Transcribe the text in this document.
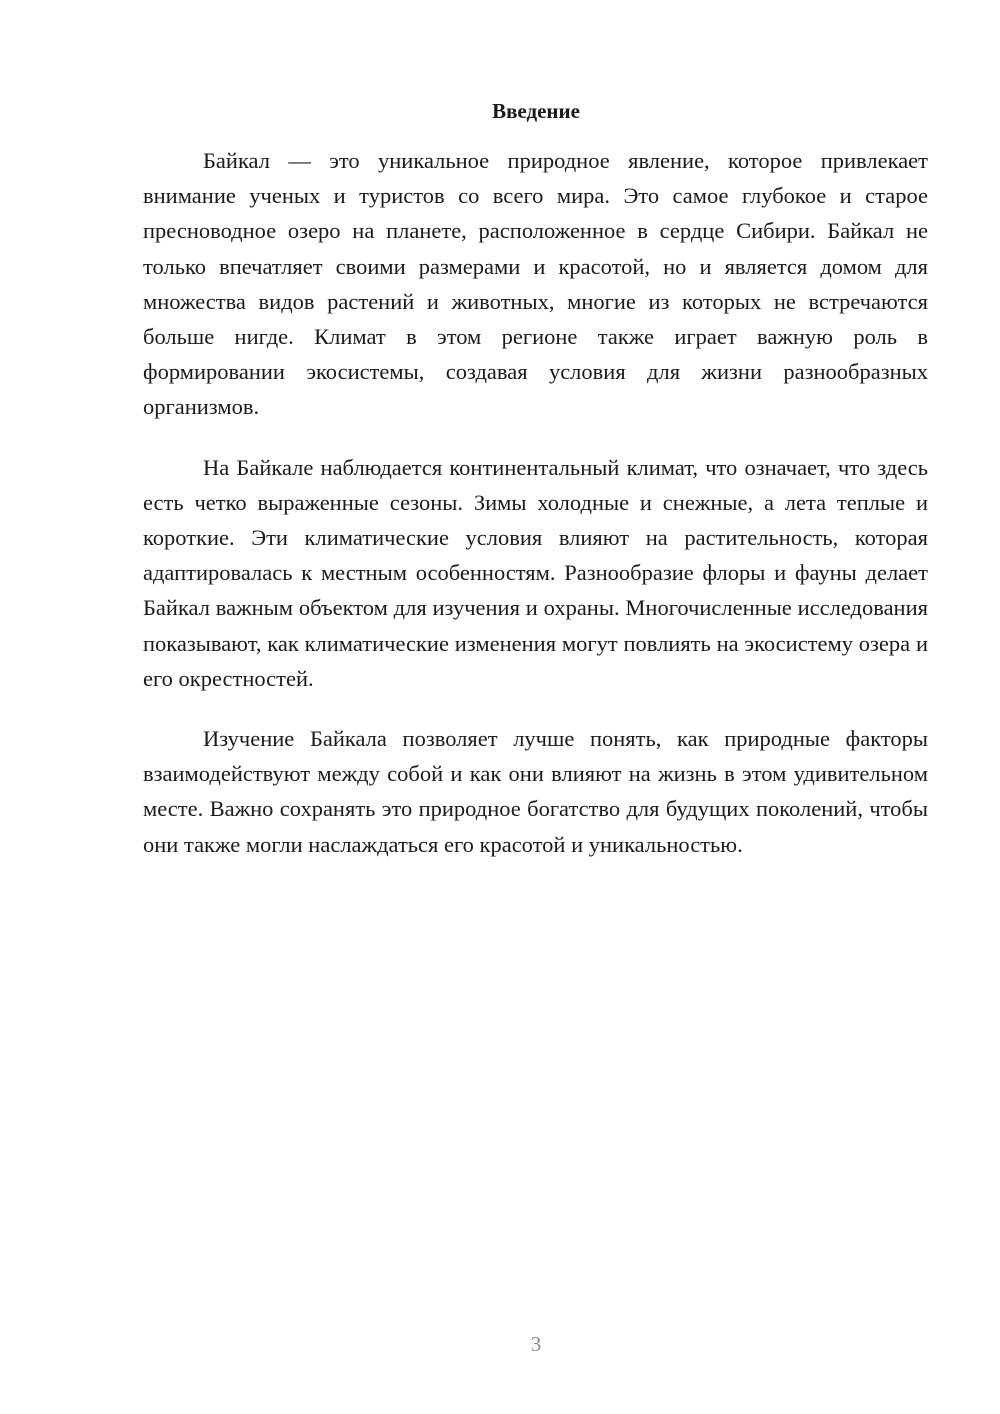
Введение

Байкал — это уникальное природное явление, которое привлекает внимание ученых и туристов со всего мира. Это самое глубокое и старое пресноводное озеро на планете, расположенное в сердце Сибири. Байкал не только впечатляет своими размерами и красотой, но и является домом для множества видов растений и животных, многие из которых не встречаются больше нигде. Климат в этом регионе также играет важную роль в формировании экосистемы, создавая условия для жизни разнообразных организмов.

На Байкале наблюдается континентальный климат, что означает, что здесь есть четко выраженные сезоны. Зимы холодные и снежные, а лета теплые и короткие. Эти климатические условия влияют на растительность, которая адаптировалась к местным особенностям. Разнообразие флоры и фауны делает Байкал важным объектом для изучения и охраны. Многочисленные исследования показывают, как климатические изменения могут повлиять на экосистему озера и его окрестностей.

Изучение Байкала позволяет лучше понять, как природные факторы взаимодействуют между собой и как они влияют на жизнь в этом удивительном месте. Важно сохранять это природное богатство для будущих поколений, чтобы они также могли наслаждаться его красотой и уникальностью.

3
